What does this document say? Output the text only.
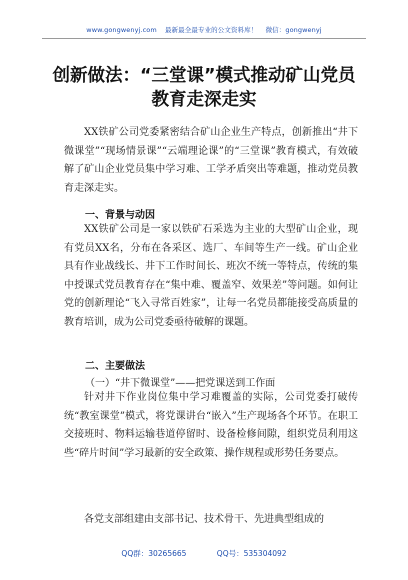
www.gongwenyj.com 最新最全最专业的公文资料库！ 微信：gongwenyj
创新做法：“三堂课”模式推动矿山党员
教育走深走实
XX铁矿公司党委紧密结合矿山企业生产特点，创新推出“井下微课堂”“现场情景课”“云端理论课”的“三堂课”教育模式，有效破解了矿山企业党员集中学习难、工学矛盾突出等难题，推动党员教育走深走实。
一、背景与动因
XX铁矿公司是一家以铁矿石采选为主业的大型矿山企业，现有党员XX名，分布在各采区、选厂、车间等生产一线。矿山企业具有作业战线长、井下工作时间长、班次不统一等特点，传统的集中授课式党员教育存在“集中难、覆盖窄、效果差”等问题。如何让党的创新理论“飞入寻常百姓家”，让每一名党员都能接受高质量的教育培训，成为公司党委亟待破解的课题。
二、主要做法
（一）“井下微课堂”——把党课送到工作面
针对井下作业岗位集中学习难覆盖的实际，公司党委打破传统“教室课堂”模式，将党课讲台“嵌入”生产现场各个环节。在职工交接班时、物料运输巷道停留时、设备检修间隙，组织党员利用这些“碎片时间”学习最新的安全政策、操作规程或形势任务要点。
各党支部组建由支部书记、技术骨干、先进典型组成的
QQ群：30265665	QQ号：535304092
